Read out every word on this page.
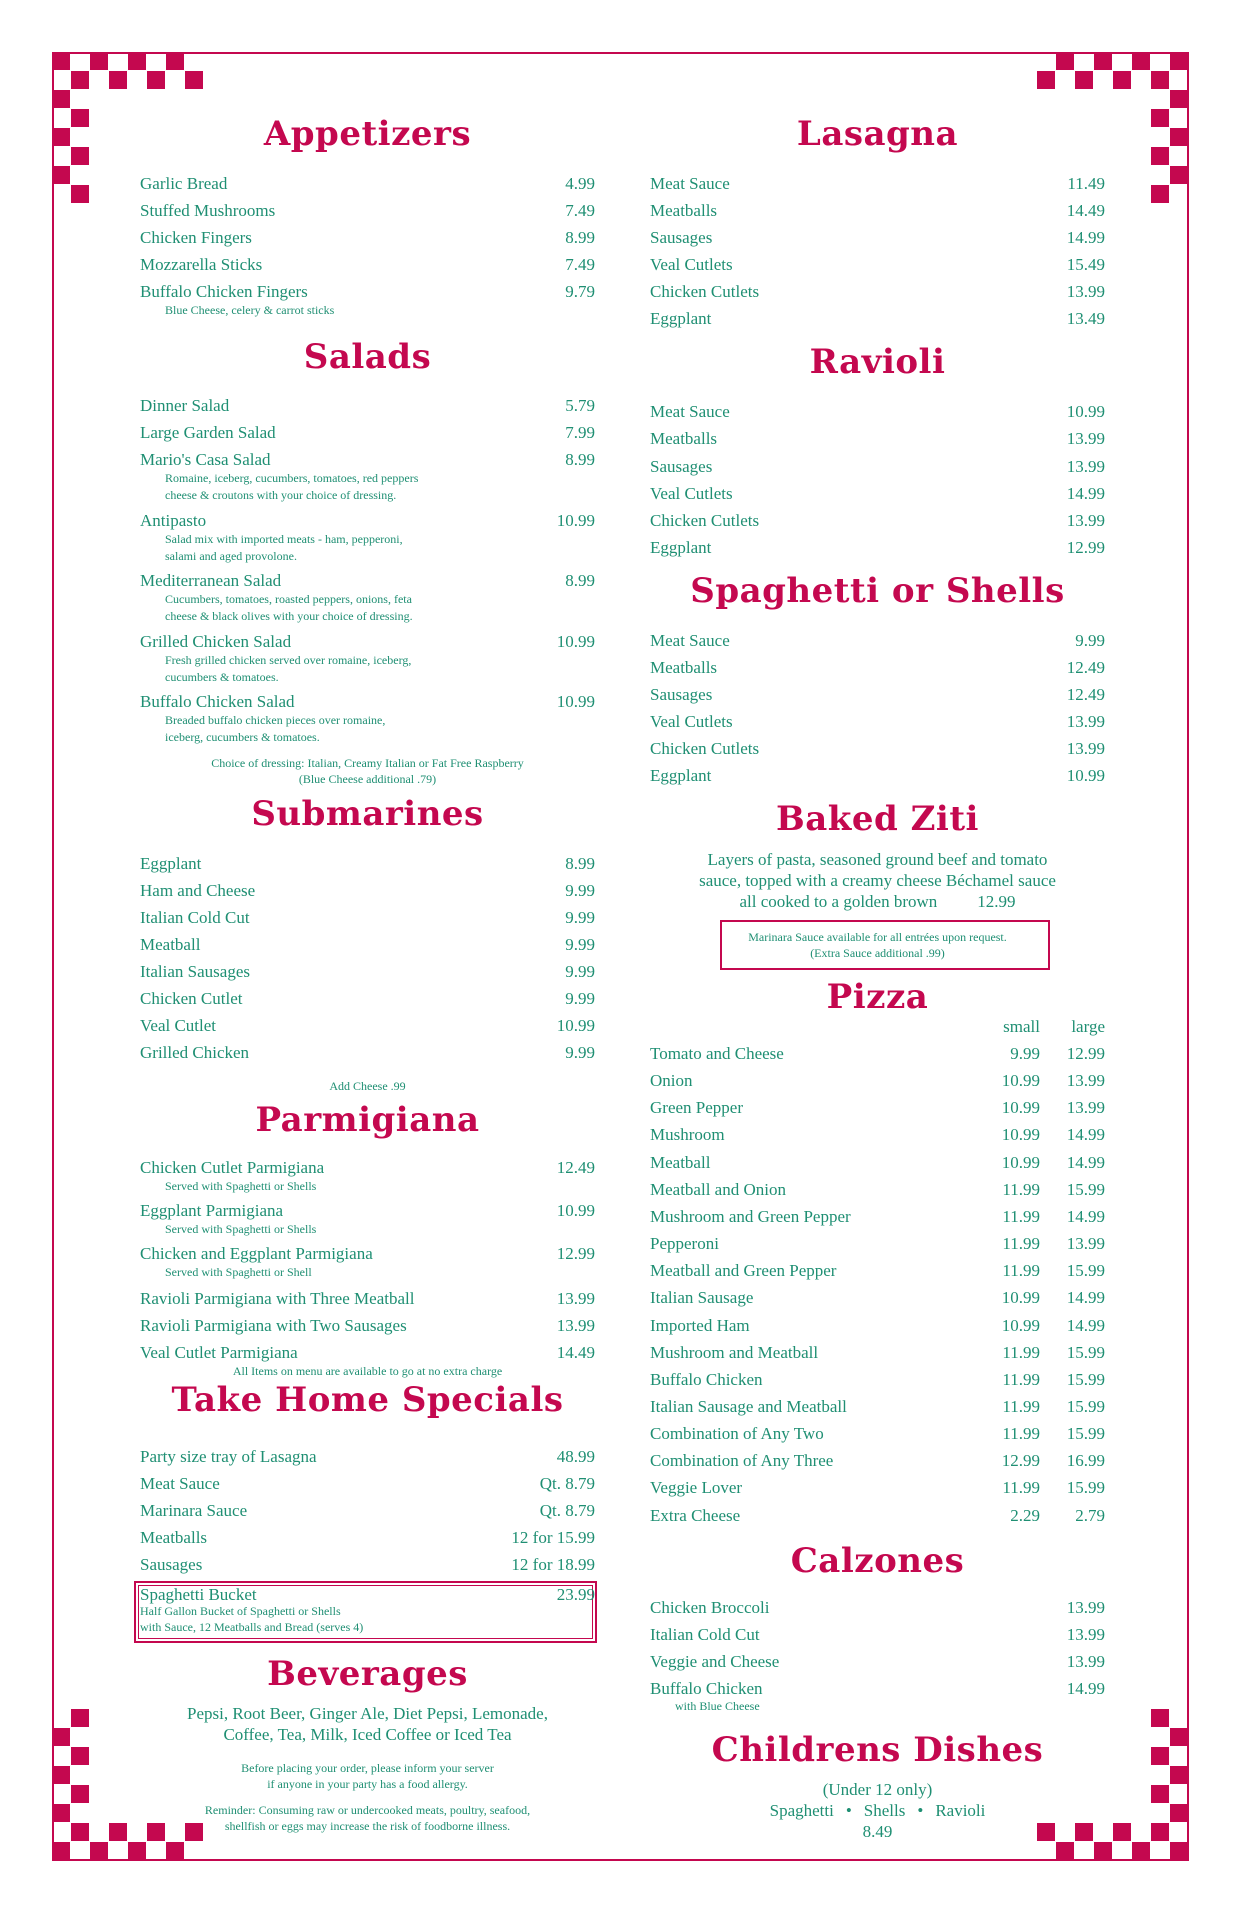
Appetizers
Garlic Bread	4.99
Stuffed Mushrooms	7.49
Chicken Fingers	8.99
Mozzarella Sticks	7.49
Buffalo Chicken Fingers	9.79
Blue Cheese, celery & carrot sticks
Salads
Dinner Salad	5.79
Large Garden Salad	7.99
Mario's Casa Salad	8.99
Romaine, iceberg, cucumbers, tomatoes, red peppers
cheese & croutons with your choice of dressing.
Antipasto	10.99
Salad mix with imported meats - ham, pepperoni,
salami and aged provolone.
Mediterranean Salad	8.99
Cucumbers, tomatoes, roasted peppers, onions, feta
cheese & black olives with your choice of dressing.
Grilled Chicken Salad	10.99
Fresh grilled chicken served over romaine, iceberg,
cucumbers & tomatoes.
Buffalo Chicken Salad	10.99
Breaded buffalo chicken pieces over romaine,
iceberg, cucumbers & tomatoes.
Choice of dressing: Italian, Creamy Italian or Fat Free Raspberry
(Blue Cheese additional .79)
Submarines
Eggplant	8.99
Ham and Cheese	9.99
Italian Cold Cut	9.99
Meatball	9.99
Italian Sausages	9.99
Chicken Cutlet	9.99
Veal Cutlet	10.99
Grilled Chicken	9.99
Add Cheese .99
Parmigiana
Chicken Cutlet Parmigiana	12.49
Served with Spaghetti or Shells
Eggplant Parmigiana	10.99
Served with Spaghetti or Shells
Chicken and Eggplant Parmigiana	12.99
Served with Spaghetti or Shell
Ravioli Parmigiana with Three Meatball	13.99
Ravioli Parmigiana with Two Sausages	13.99
Veal Cutlet Parmigiana	14.49
All Items on menu are available to go at no extra charge
Take Home Specials
Party size tray of Lasagna	48.99
Meat Sauce	Qt. 8.79
Marinara Sauce	Qt. 8.79
Meatballs	12 for 15.99
Sausages	12 for 18.99
Spaghetti Bucket	23.99
Half Gallon Bucket of Spaghetti or Shells
with Sauce, 12 Meatballs and Bread (serves 4)
Beverages
Pepsi, Root Beer, Ginger Ale, Diet Pepsi, Lemonade,
Coffee, Tea, Milk, Iced Coffee or Iced Tea
Before placing your order, please inform your server
if anyone in your party has a food allergy.
Reminder: Consuming raw or undercooked meats, poultry, seafood,
shellfish or eggs may increase the risk of foodborne illness.
Lasagna
Meat Sauce	11.49
Meatballs	14.49
Sausages	14.99
Veal Cutlets	15.49
Chicken Cutlets	13.99
Eggplant	13.49
Ravioli
Meat Sauce	10.99
Meatballs	13.99
Sausages	13.99
Veal Cutlets	14.99
Chicken Cutlets	13.99
Eggplant	12.99
Spaghetti or Shells
Meat Sauce	9.99
Meatballs	12.49
Sausages	12.49
Veal Cutlets	13.99
Chicken Cutlets	13.99
Eggplant	10.99
Baked Ziti
Layers of pasta, seasoned ground beef and tomato
sauce, topped with a creamy cheese Béchamel sauce
all cooked to a golden brown 12.99
Marinara Sauce available for all entrées upon request.
(Extra Sauce additional .99)
Pizza
small large
Tomato and Cheese	9.99 12.99
Onion	10.99 13.99
Green Pepper	10.99 13.99
Mushroom	10.99 14.99
Meatball	10.99 14.99
Meatball and Onion	11.99 15.99
Mushroom and Green Pepper	11.99 14.99
Pepperoni	11.99 13.99
Meatball and Green Pepper	11.99 15.99
Italian Sausage	10.99 14.99
Imported Ham	10.99 14.99
Mushroom and Meatball	11.99 15.99
Buffalo Chicken	11.99 15.99
Italian Sausage and Meatball	11.99 15.99
Combination of Any Two	11.99 15.99
Combination of Any Three	12.99 16.99
Veggie Lover	11.99 15.99
Extra Cheese	2.29 2.79
Calzones
Chicken Broccoli	13.99
Italian Cold Cut	13.99
Veggie and Cheese	13.99
Buffalo Chicken	14.99
with Blue Cheese
Childrens Dishes
(Under 12 only)
Spaghetti • Shells • Ravioli
8.49
